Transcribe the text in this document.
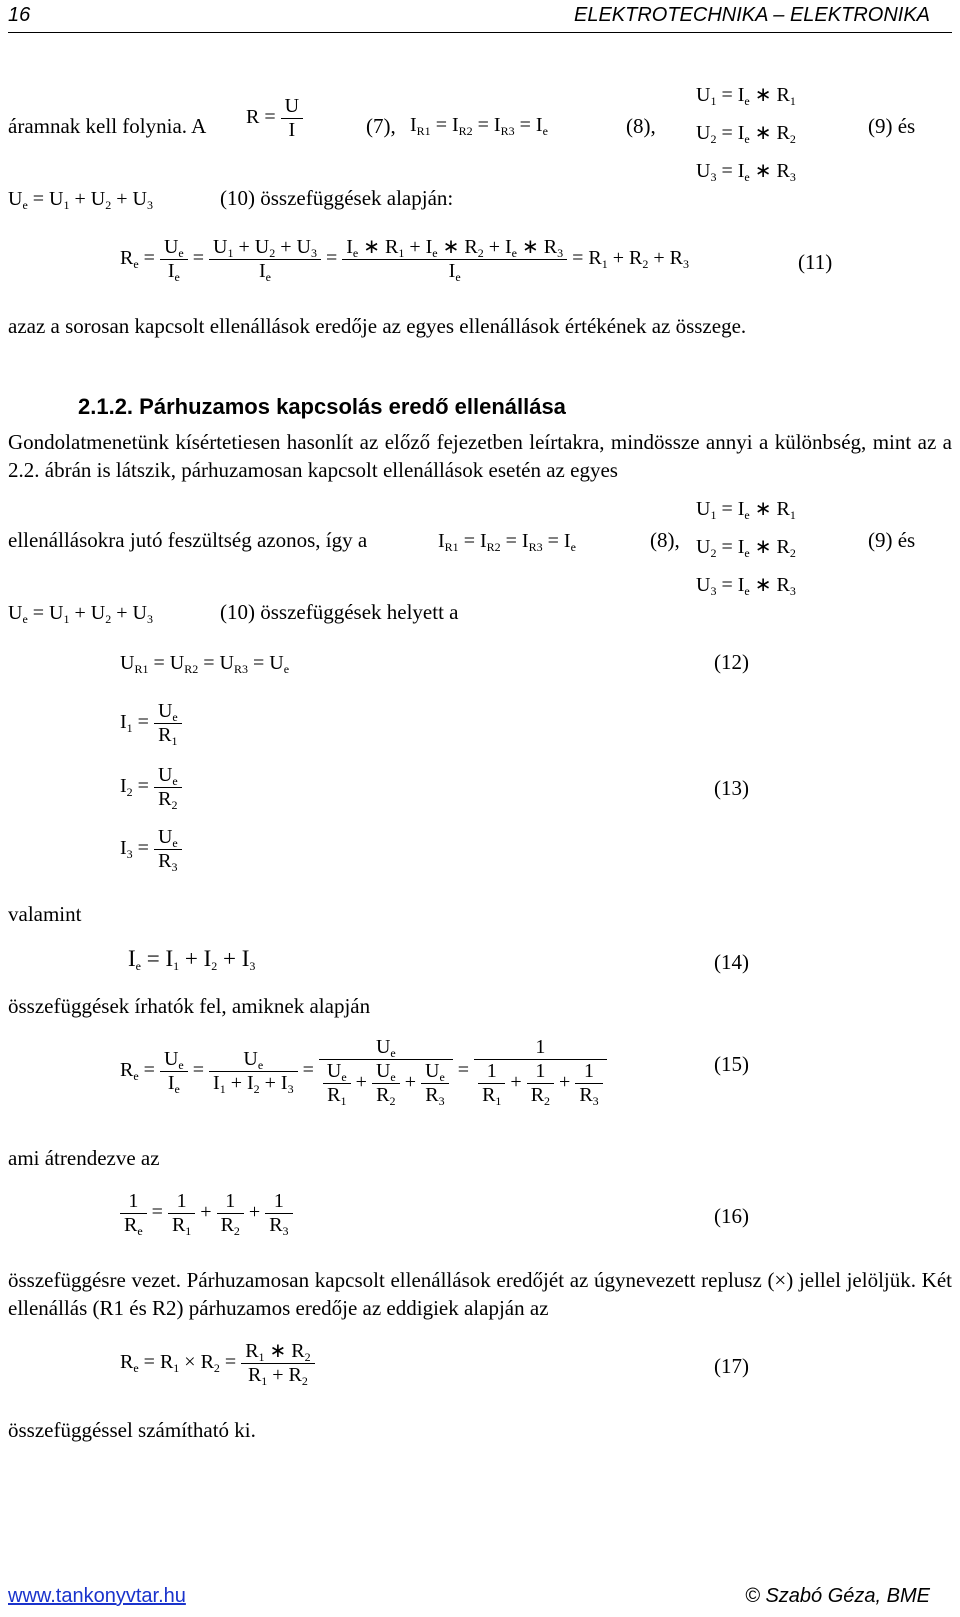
16	ELEKTROTECHNIKA – ELEKTRONIKA
áramnak kell folynia. A $R = \frac{U}{I}$	(7), $I_{R1} = I_{R2} = I_{R3} = I_e$	(8),
$U_1 = I_e$ ∗ $R_1$
$U_2 = I_e$ ∗ $R_2$
$U_3 = I_e$ ∗ $R_3$
(9) és
$U_e = U_1 + U_2 + U_3$	(10) összefüggések alapján:
$R_e = \frac{U_e}{I_e} = \frac{U_1 + U_2 + U_3}{I_e} = \frac{I_e ∗ R_1 + I_e ∗ R_2 + I_e ∗ R_3}{I_e} = R_1 + R_2 + R_3$	(11)
azaz a sorosan kapcsolt ellenállások eredője az egyes ellenállások értékének az összege.
2.1.2. Párhuzamos kapcsolás eredő ellenállása

Gondolatmenetünk kísértetiesen hasonlít az előző fejezetben leírtakra, mindössze annyi a különbség, mint az a 2.2. ábrán is látszik, párhuzamosan kapcsolt ellenállások esetén az egyes

ellenállásokra jutó feszültség azonos, így a	$I_{R1} = I_{R2} = I_{R3} = I_e$	(8),
$U_1 = I_e$ ∗ $R_1$
$U_2 = I_e$ ∗ $R_2$
$U_3 = I_e$ ∗ $R_3$
(9) és
$U_e = U_1 + U_2 + U_3$	(10) összefüggések helyett a
$U_{R1} = U_{R2} = U_{R3} = U_e$	(12)
$I_1 = \frac{U_e}{R_1}$
$I_2 = \frac{U_e}{R_2}$
$I_3 = \frac{U_e}{R_3}$
(13)
valamint
$I_e = I_1 + I_2 + I_3$	(14)
összefüggések írhatók fel, amiknek alapján
$R_e = \frac{U_e}{I_e} = \frac{U_e}{I_1 + I_2 + I_3} = \frac{U_e}{\frac{U_e}{R_1} + \frac{U_e}{R_2} + \frac{U_e}{R_3}} = \frac{1}{\frac{1}{R_1} + \frac{1}{R_2} + \frac{1}{R_3}}$	(15)
ami átrendezve az
$\frac{1}{R_e} = \frac{1}{R_1} + \frac{1}{R_2} + \frac{1}{R_3}$	(16)

összefüggésre vezet. Párhuzamosan kapcsolt ellenállások eredőjét az úgynevezett replusz (×) jellel jelöljük. Két ellenállás (R1 és R2) párhuzamos eredője az eddigiek alapján az

$R_e = R_1 \times R_2 = \frac{R_1 ∗ R_2}{R_1 + R_2}$	(17)
összefüggéssel számítható ki.
www.tankonyvtar.hu	© Szabó Géza, BME
